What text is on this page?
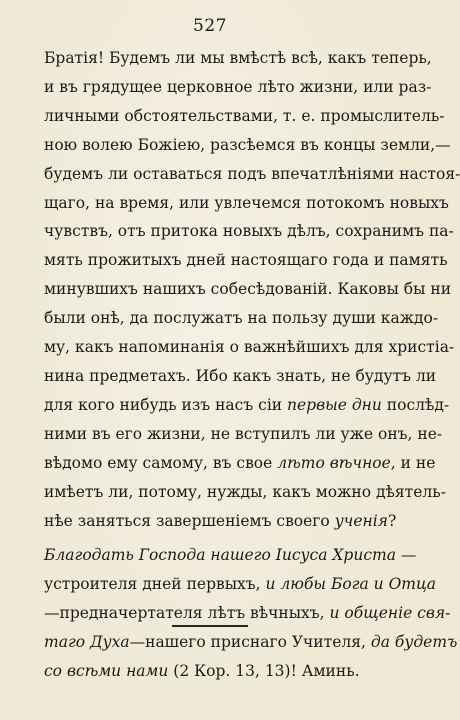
527

Братія! Будемъ ли мы вмѣстѣ всѣ, какъ теперь,
и въ грядущее церковное лѣто жизни, или раз-
личными обстоятельствами, т. е. промыслитель-
ною волею Божіею, разсѣемся въ концы земли,—
будемъ ли оставаться подъ впечатлѣніями настоя-
щаго, на время, или увлечемся потокомъ новыхъ
чувствъ, отъ притока новыхъ дѣлъ, сохранимъ па-
мять прожитыхъ дней настоящаго года и память
минувшихъ нашихъ собесѣдованій. Каковы бы ни
были онѣ, да послужатъ на пользу души каждо-
му, какъ напоминанія о важнѣйшихъ для христіа-
нина предметахъ. Ибо какъ знать, не будутъ ли
для кого нибудь изъ насъ сіи первые дни послѣд-
ними въ его жизни, не вступилъ ли уже онъ, не-
вѣдомо ему самому, въ свое лѣто вѣчное, и не
имѣетъ ли, потому, нужды, какъ можно дѣятель-
нѣе заняться завершеніемъ своего ученія?

Благодать Господа нашего Іисуса Христа —
устроителя дней первыхъ, и любы Бога и Отца
—предначертателя лѣтъ вѣчныхъ, и общеніе свя-
таго Духа—нашего приснаго Учителя, да будетъ
со всѣми нами (2 Кор. 13, 13)! Аминь.
